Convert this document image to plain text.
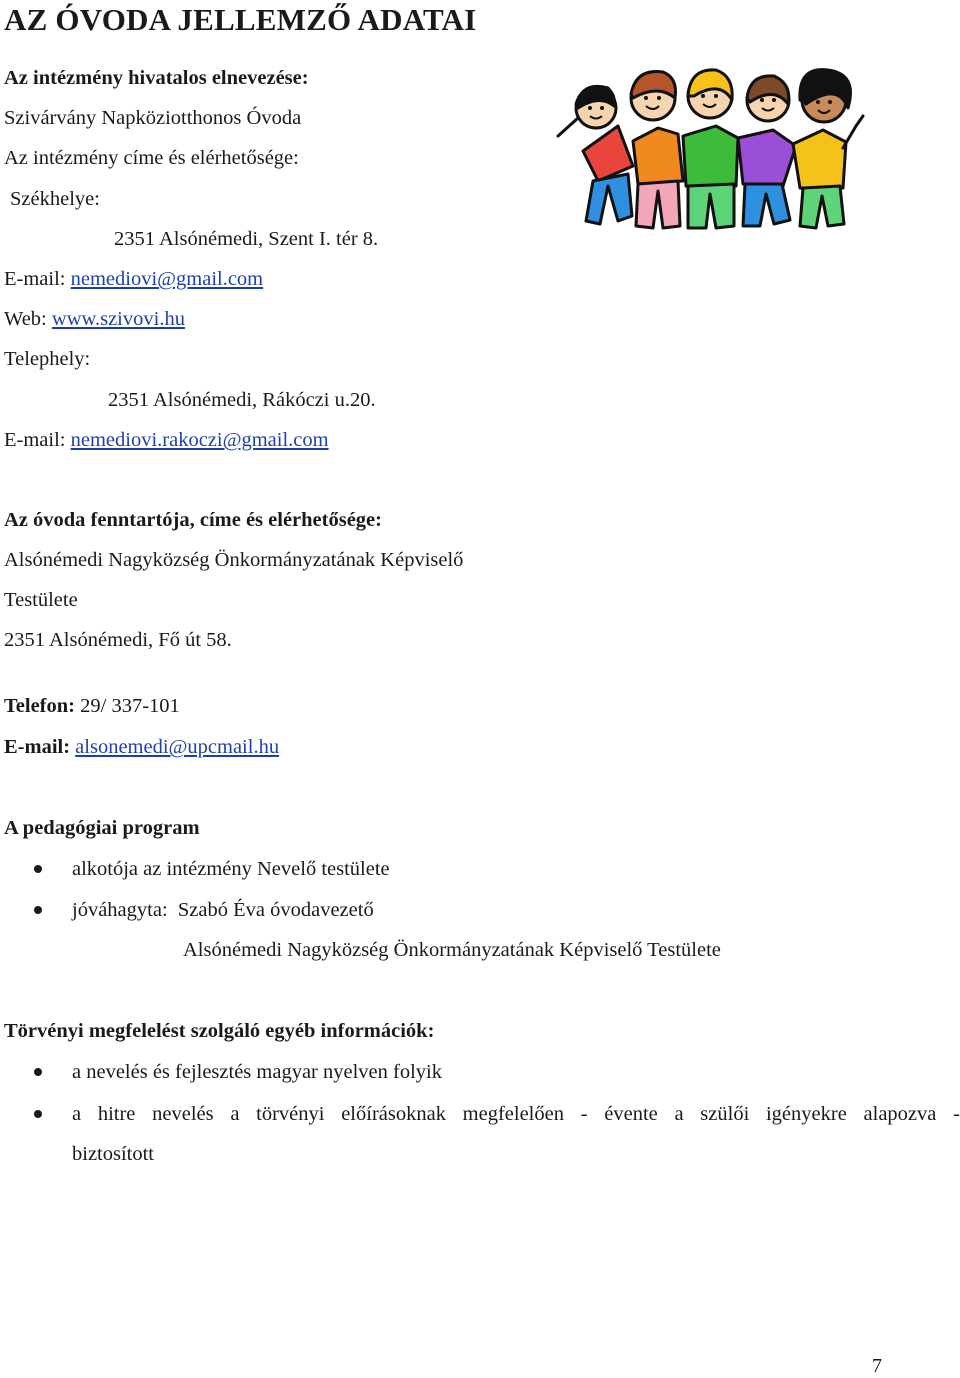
AZ ÓVODA JELLEMZŐ ADATAI
Az intézmény hivatalos elnevezése:
Szivárvány Napköziotthonos Óvoda
Az intézmény címe és elérhetősége:
Székhelye:
2351 Alsónémedi, Szent I. tér 8.
E-mail: nemediovi@gmail.com
Web: www.szivovi.hu
Telephely:
2351 Alsónémedi, Rákóczi u.20.
E-mail: nemediovi.rakoczi@gmail.com
Az óvoda fenntartója, címe és elérhetősége:
Alsónémedi Nagyközség Önkormányzatának Képviselő
Testülete
2351 Alsónémedi, Fő út 58.
Telefon: 29/ 337-101
E-mail: alsonemedi@upcmail.hu
A pedagógiai program
alkotója az intézmény Nevelő testülete
jóváhagyta: Szabó Éva óvodavezető
Alsónémedi Nagyközség Önkormányzatának Képviselő Testülete
Törvényi megfelelést szolgáló egyéb információk:
a nevelés és fejlesztés magyar nyelven folyik
a hitre nevelés a törvényi előírásoknak megfelelően - évente a szülői igényekre alapozva -
biztosított
7
